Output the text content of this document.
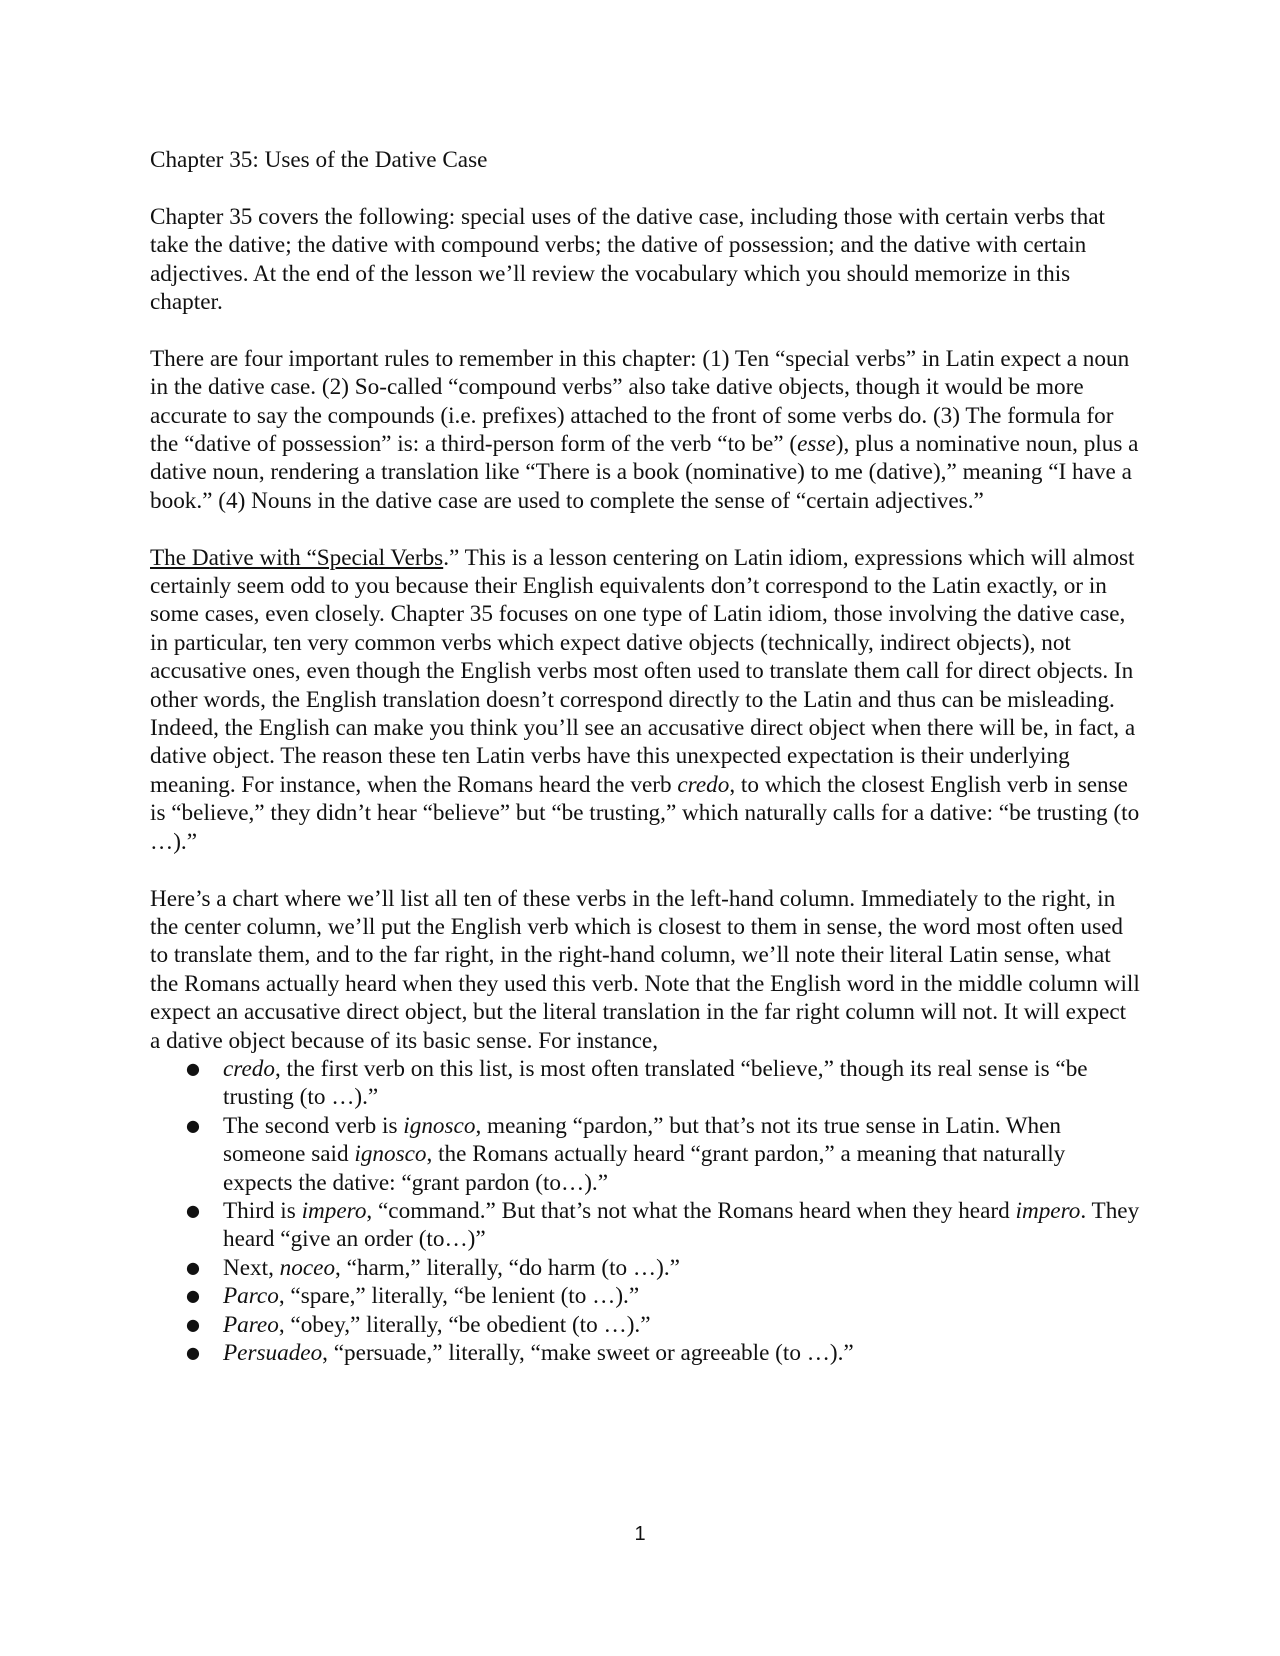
Chapter 35: Uses of the Dative Case

Chapter 35 covers the following: special uses of the dative case, including those with certain verbs that take the dative; the dative with compound verbs; the dative of possession; and the dative with certain adjectives. At the end of the lesson we’ll review the vocabulary which you should memorize in this chapter.

There are four important rules to remember in this chapter: (1) Ten “special verbs” in Latin expect a noun in the dative case. (2) So-called “compound verbs” also take dative objects, though it would be more accurate to say the compounds (i.e. prefixes) attached to the front of some verbs do. (3) The formula for the “dative of possession” is: a third-person form of the verb “to be” (esse), plus a nominative noun, plus a dative noun, rendering a translation like “There is a book (nominative) to me (dative),” meaning “I have a book.” (4) Nouns in the dative case are used to complete the sense of “certain adjectives.”

The Dative with “Special Verbs.” This is a lesson centering on Latin idiom, expressions which will almost certainly seem odd to you because their English equivalents don’t correspond to the Latin exactly, or in some cases, even closely. Chapter 35 focuses on one type of Latin idiom, those involving the dative case, in particular, ten very common verbs which expect dative objects (technically, indirect objects), not accusative ones, even though the English verbs most often used to translate them call for direct objects. In other words, the English translation doesn’t correspond directly to the Latin and thus can be misleading. Indeed, the English can make you think you’ll see an accusative direct object when there will be, in fact, a dative object. The reason these ten Latin verbs have this unexpected expectation is their underlying meaning. For instance, when the Romans heard the verb credo, to which the closest English verb in sense is “believe,” they didn’t hear “believe” but “be trusting,” which naturally calls for a dative: “be trusting (to …).”

Here’s a chart where we’ll list all ten of these verbs in the left-hand column. Immediately to the right, in the center column, we’ll put the English verb which is closest to them in sense, the word most often used to translate them, and to the far right, in the right-hand column, we’ll note their literal Latin sense, what the Romans actually heard when they used this verb. Note that the English word in the middle column will expect an accusative direct object, but the literal translation in the far right column will not. It will expect a dative object because of its basic sense. For instance,

● credo, the first verb on this list, is most often translated “believe,” though its real sense is “be trusting (to …).”
● The second verb is ignosco, meaning “pardon,” but that’s not its true sense in Latin. When someone said ignosco, the Romans actually heard “grant pardon,” a meaning that naturally expects the dative: “grant pardon (to…).”
● Third is impero, “command.” But that’s not what the Romans heard when they heard impero. They heard “give an order (to…)”
● Next, noceo, “harm,” literally, “do harm (to …).”
● Parco, “spare,” literally, “be lenient (to …).”
● Pareo, “obey,” literally, “be obedient (to …).”
● Persuadeo, “persuade,” literally, “make sweet or agreeable (to …).”
1
